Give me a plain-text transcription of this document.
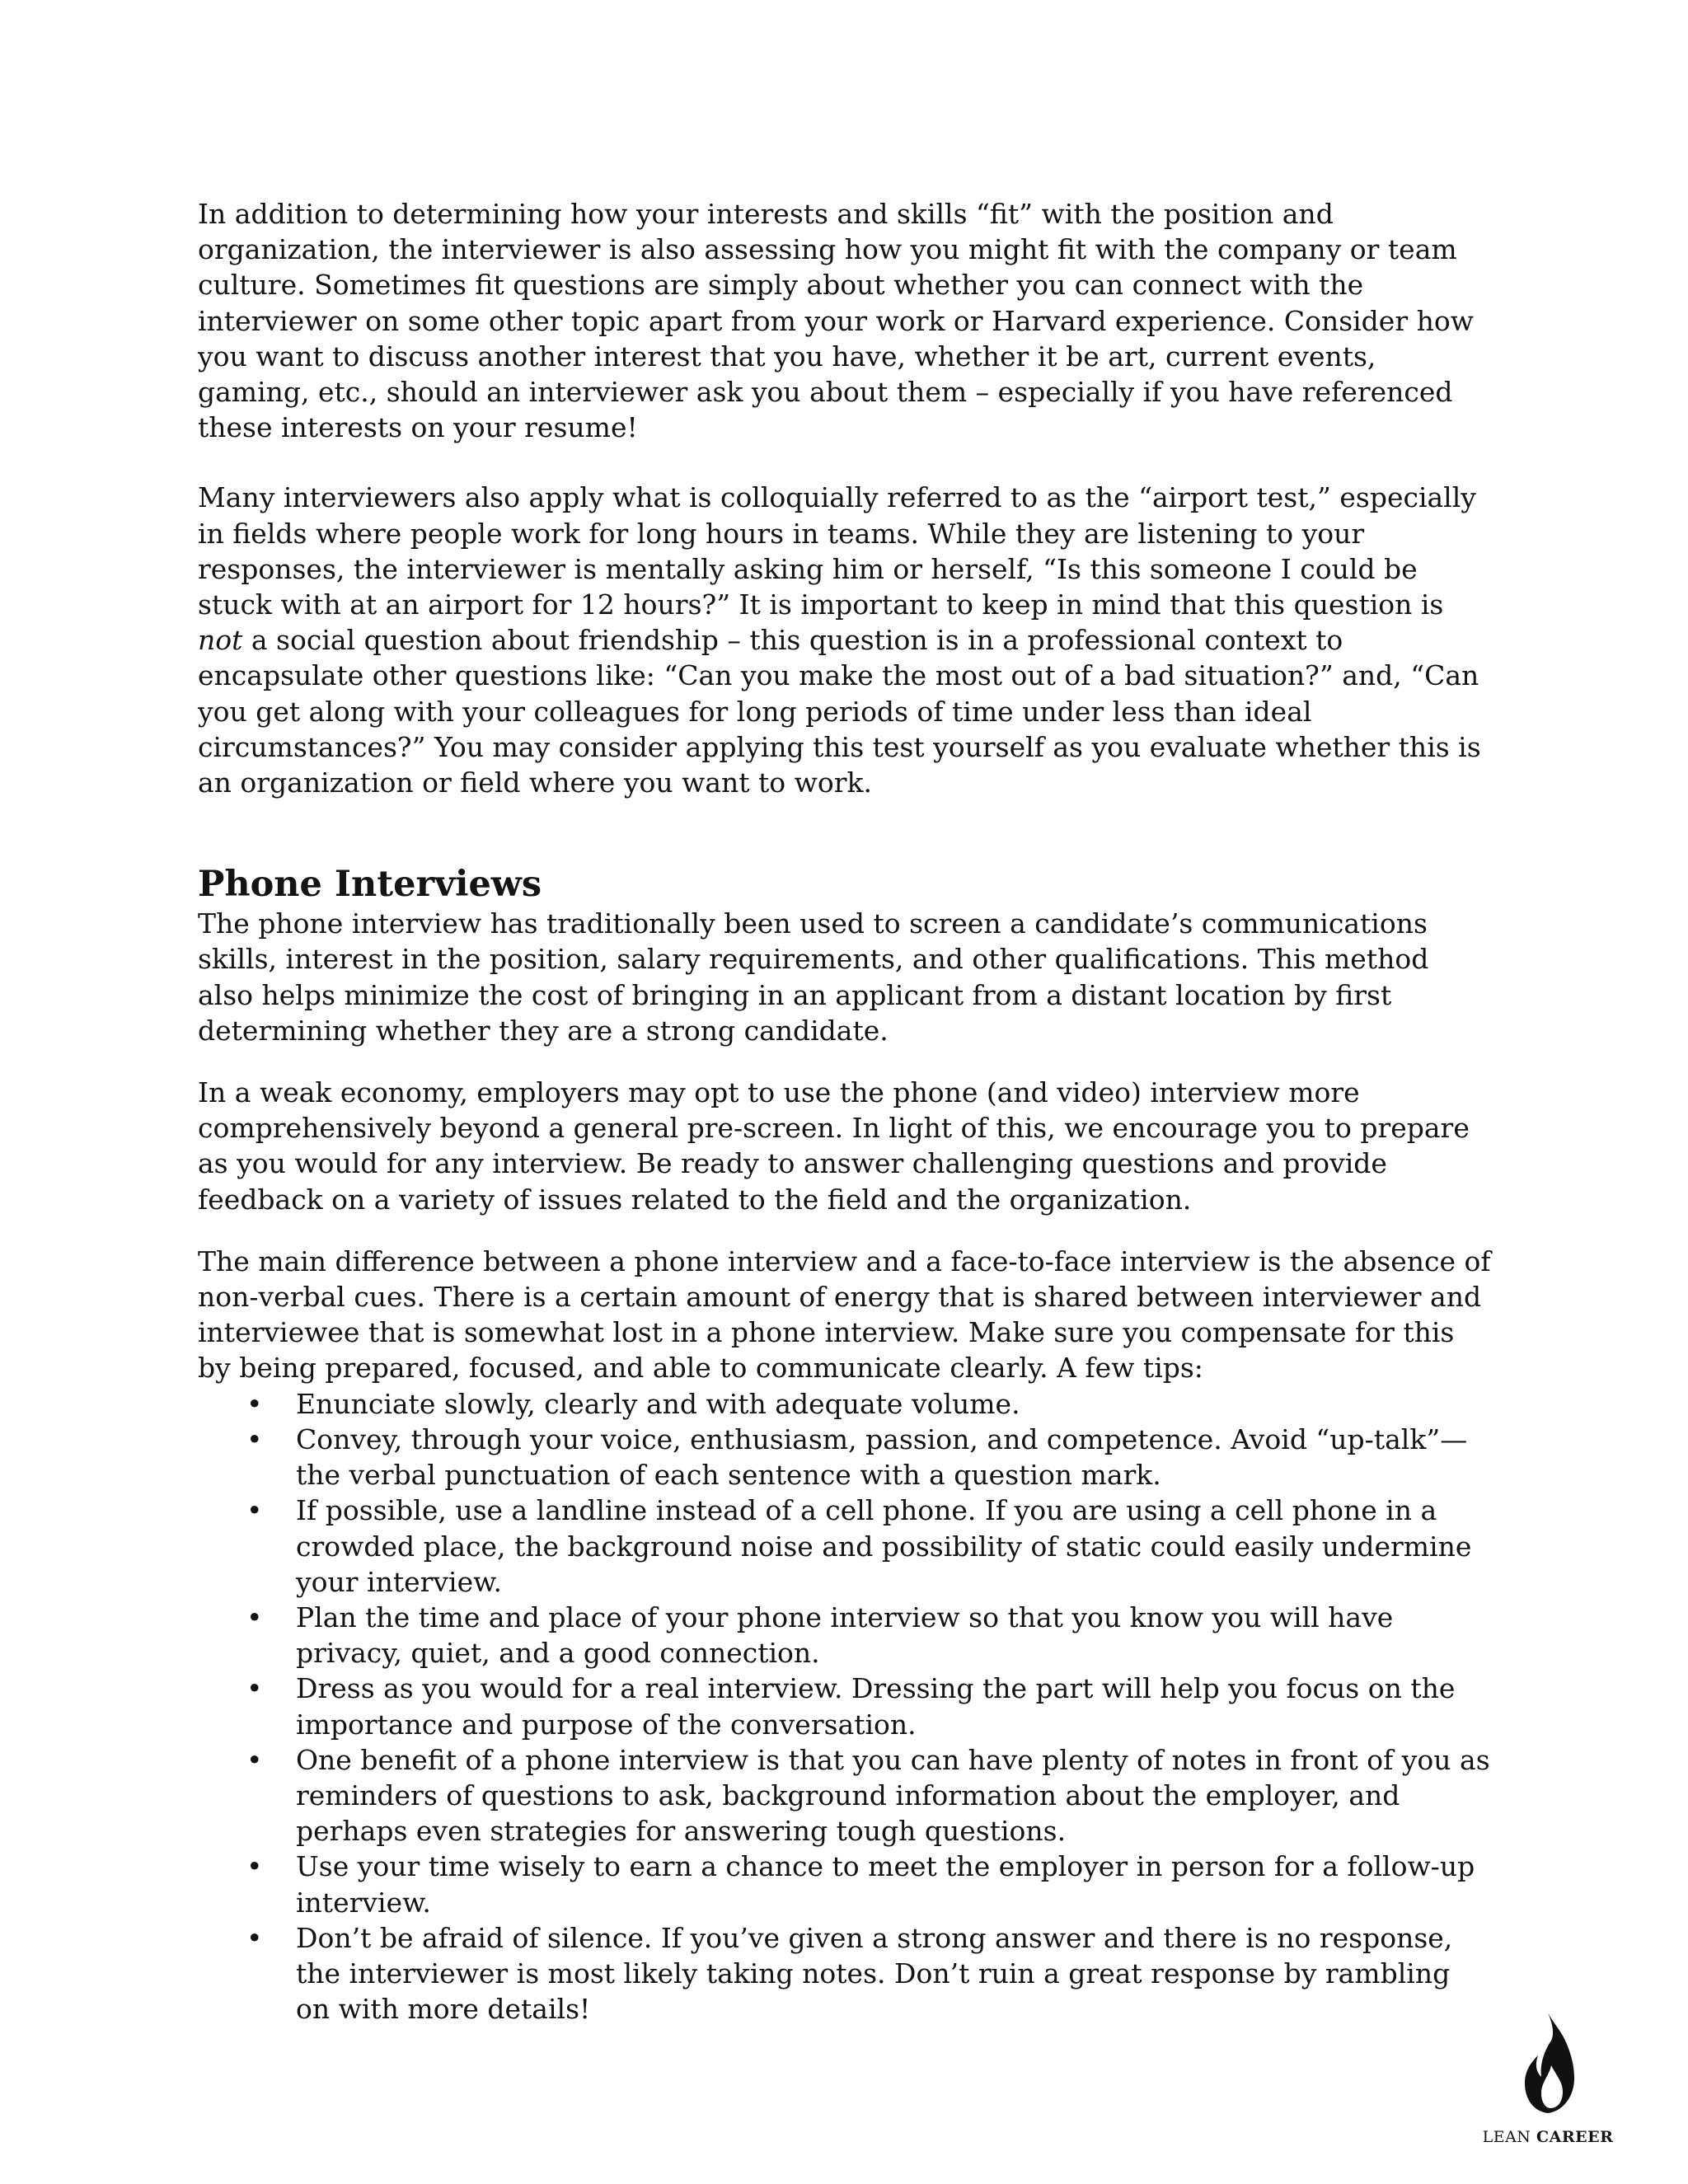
In addition to determining how your interests and skills “fit” with the position and organization, the interviewer is also assessing how you might fit with the company or team culture. Sometimes fit questions are simply about whether you can connect with the interviewer on some other topic apart from your work or Harvard experience. Consider how you want to discuss another interest that you have, whether it be art, current events, gaming, etc., should an interviewer ask you about them – especially if you have referenced these interests on your resume!

Many interviewers also apply what is colloquially referred to as the “airport test,” especially in fields where people work for long hours in teams. While they are listening to your responses, the interviewer is mentally asking him or herself, “Is this someone I could be stuck with at an airport for 12 hours?” It is important to keep in mind that this question is not a social question about friendship – this question is in a professional context to encapsulate other questions like: “Can you make the most out of a bad situation?” and, “Can you get along with your colleagues for long periods of time under less than ideal circumstances?” You may consider applying this test yourself as you evaluate whether this is an organization or field where you want to work.

Phone Interviews

The phone interview has traditionally been used to screen a candidate’s communications skills, interest in the position, salary requirements, and other qualifications. This method also helps minimize the cost of bringing in an applicant from a distant location by first determining whether they are a strong candidate.

In a weak economy, employers may opt to use the phone (and video) interview more comprehensively beyond a general pre-screen. In light of this, we encourage you to prepare as you would for any interview. Be ready to answer challenging questions and provide feedback on a variety of issues related to the field and the organization.

The main difference between a phone interview and a face-to-face interview is the absence of non-verbal cues. There is a certain amount of energy that is shared between interviewer and interviewee that is somewhat lost in a phone interview. Make sure you compensate for this by being prepared, focused, and able to communicate clearly. A few tips:

• Enunciate slowly, clearly and with adequate volume.
• Convey, through your voice, enthusiasm, passion, and competence. Avoid “up-talk”—the verbal punctuation of each sentence with a question mark.
• If possible, use a landline instead of a cell phone. If you are using a cell phone in a crowded place, the background noise and possibility of static could easily undermine your interview.
• Plan the time and place of your phone interview so that you know you will have privacy, quiet, and a good connection.
• Dress as you would for a real interview. Dressing the part will help you focus on the importance and purpose of the conversation.
• One benefit of a phone interview is that you can have plenty of notes in front of you as reminders of questions to ask, background information about the employer, and perhaps even strategies for answering tough questions.
• Use your time wisely to earn a chance to meet the employer in person for a follow-up interview.
• Don’t be afraid of silence. If you’ve given a strong answer and there is no response, the interviewer is most likely taking notes. Don’t ruin a great response by rambling on with more details!
LEAN CAREER
